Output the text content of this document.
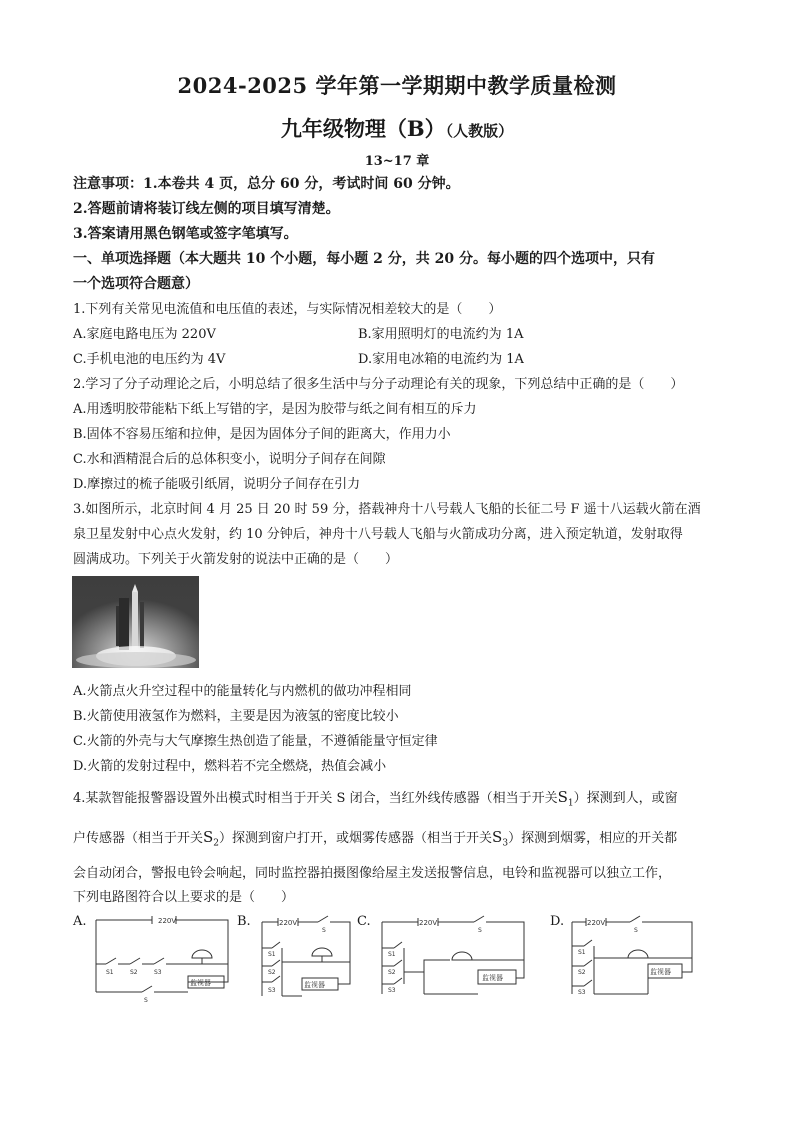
2024-2025 学年第一学期期中教学质量检测
九年级物理（B）（人教版）
13~17 章
注意事项：1.本卷共 4 页，总分 60 分，考试时间 60 分钟。
2.答题前请将装订线左侧的项目填写清楚。
3.答案请用黑色钢笔或签字笔填写。
一、单项选择题（本大题共 10 个小题，每小题 2 分，共 20 分。每小题的四个选项中，只有
一个选项符合题意）
1.下列有关常见电流值和电压值的表述，与实际情况相差较大的是（　　）
A.家庭电路电压为 220V	B.家用照明灯的电流约为 1A
C.手机电池的电压约为 4V	D.家用电冰箱的电流约为 1A
2.学习了分子动理论之后，小明总结了很多生活中与分子动理论有关的现象，下列总结中正确的是（　　）
A.用透明胶带能粘下纸上写错的字，是因为胶带与纸之间有相互的斥力
B.固体不容易压缩和拉伸，是因为固体分子间的距离大，作用力小
C.水和酒精混合后的总体积变小，说明分子间存在间隙
D.摩擦过的梳子能吸引纸屑，说明分子间存在引力
3.如图所示，北京时间 4 月 25 日 20 时 59 分，搭载神舟十八号载人飞船的长征二号 F 遥十八运载火箭在酒
泉卫星发射中心点火发射，约 10 分钟后，神舟十八号载人飞船与火箭成功分离，进入预定轨道，发射取得
圆满成功。下列关于火箭发射的说法中正确的是（　　）
A.火箭点火升空过程中的能量转化与内燃机的做功冲程相同
B.火箭使用液氢作为燃料，主要是因为液氢的密度比较小
C.火箭的外壳与大气摩擦生热创造了能量，不遵循能量守恒定律
D.火箭的发射过程中，燃料若不完全燃烧，热值会减小
4.某款智能报警器设置外出模式时相当于开关 S 闭合，当红外线传感器（相当于开关$S_1$）探测到人，或窗
户传感器（相当于开关$S_2$）探测到窗户打开，或烟雾传感器（相当于开关$S_3$）探测到烟雾，相应的开关都
会自动闭合，警报电铃会响起，同时监控器拍摄图像给屋主发送报警信息，电铃和监视器可以独立工作，
下列电路图符合以上要求的是（　　）
A.	B.	C.	D.
220V
监视器
S1	S2	S3
S
220V
监视器
S
S1
S2
S3
220V
监视器
S
S1
S2
S3
220V
监视器
S
S1
S2
S3
